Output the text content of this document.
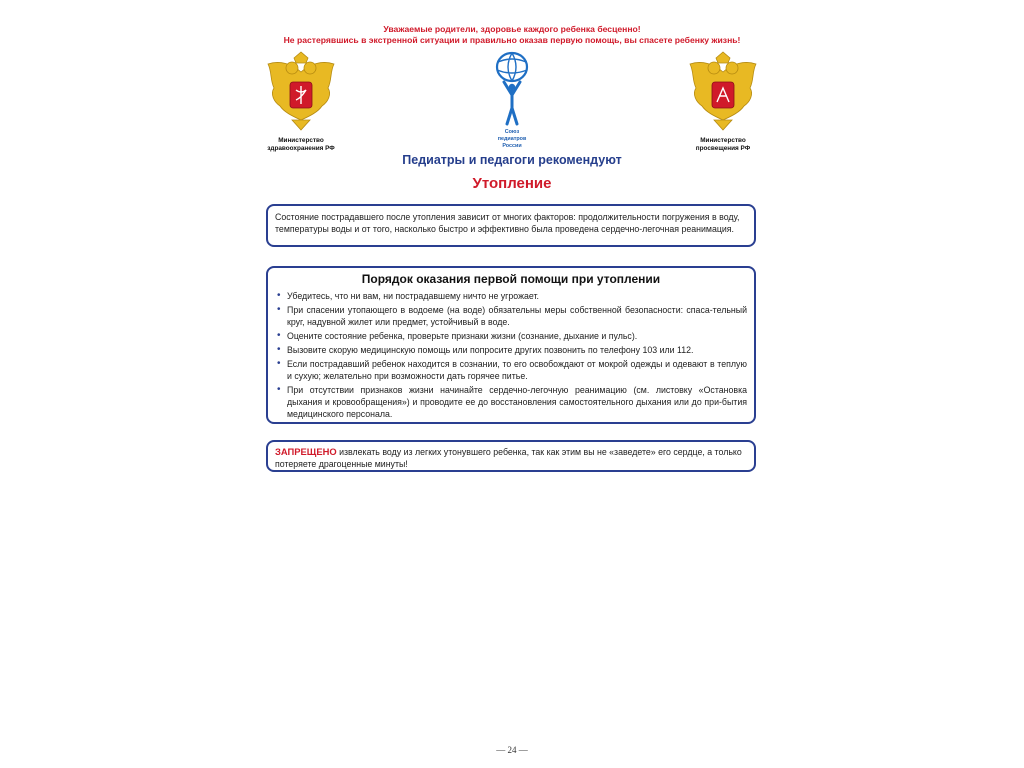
Уважаемые родители, здоровье каждого ребенка бесценно!
Не растерявшись в экстренной ситуации и правильно оказав первую помощь, вы спасете ребенку жизнь!
Министерство
здравоохранения РФ
Союз
педиатров
России
Министерство
просвещения РФ
Педиатры и педагоги рекомендуют
Утопление
Состояние пострадавшего после утопления зависит от многих факторов: продолжительности погружения в воду, температуры воды и от того, насколько быстро и эффективно была проведена сердечно-легочная реанимация.
Порядок оказания первой помощи при утоплении
• Убедитесь, что ни вам, ни пострадавшему ничто не угрожает.
• При спасении утопающего в водоеме (на воде) обязательны меры собственной безопасности: спаса-тельный круг, надувной жилет или предмет, устойчивый в воде.
• Оцените состояние ребенка, проверьте признаки жизни (сознание, дыхание и пульс).
• Вызовите скорую медицинскую помощь или попросите других позвонить по телефону 103 или 112.
• Если пострадавший ребенок находится в сознании, то его освобождают от мокрой одежды и одевают в теплую и сухую; желательно при возможности дать горячее питье.
• При отсутствии признаков жизни начинайте сердечно-легочную реанимацию (см. листовку «Остановка дыхания и кровообращения») и проводите ее до восстановления самостоятельного дыхания или до при-бытия медицинского персонала.
ЗАПРЕЩЕНО извлекать воду из легких утонувшего ребенка, так как этим вы не «заведете» его сердце, а только потеряете драгоценные минуты!
— 24 —
